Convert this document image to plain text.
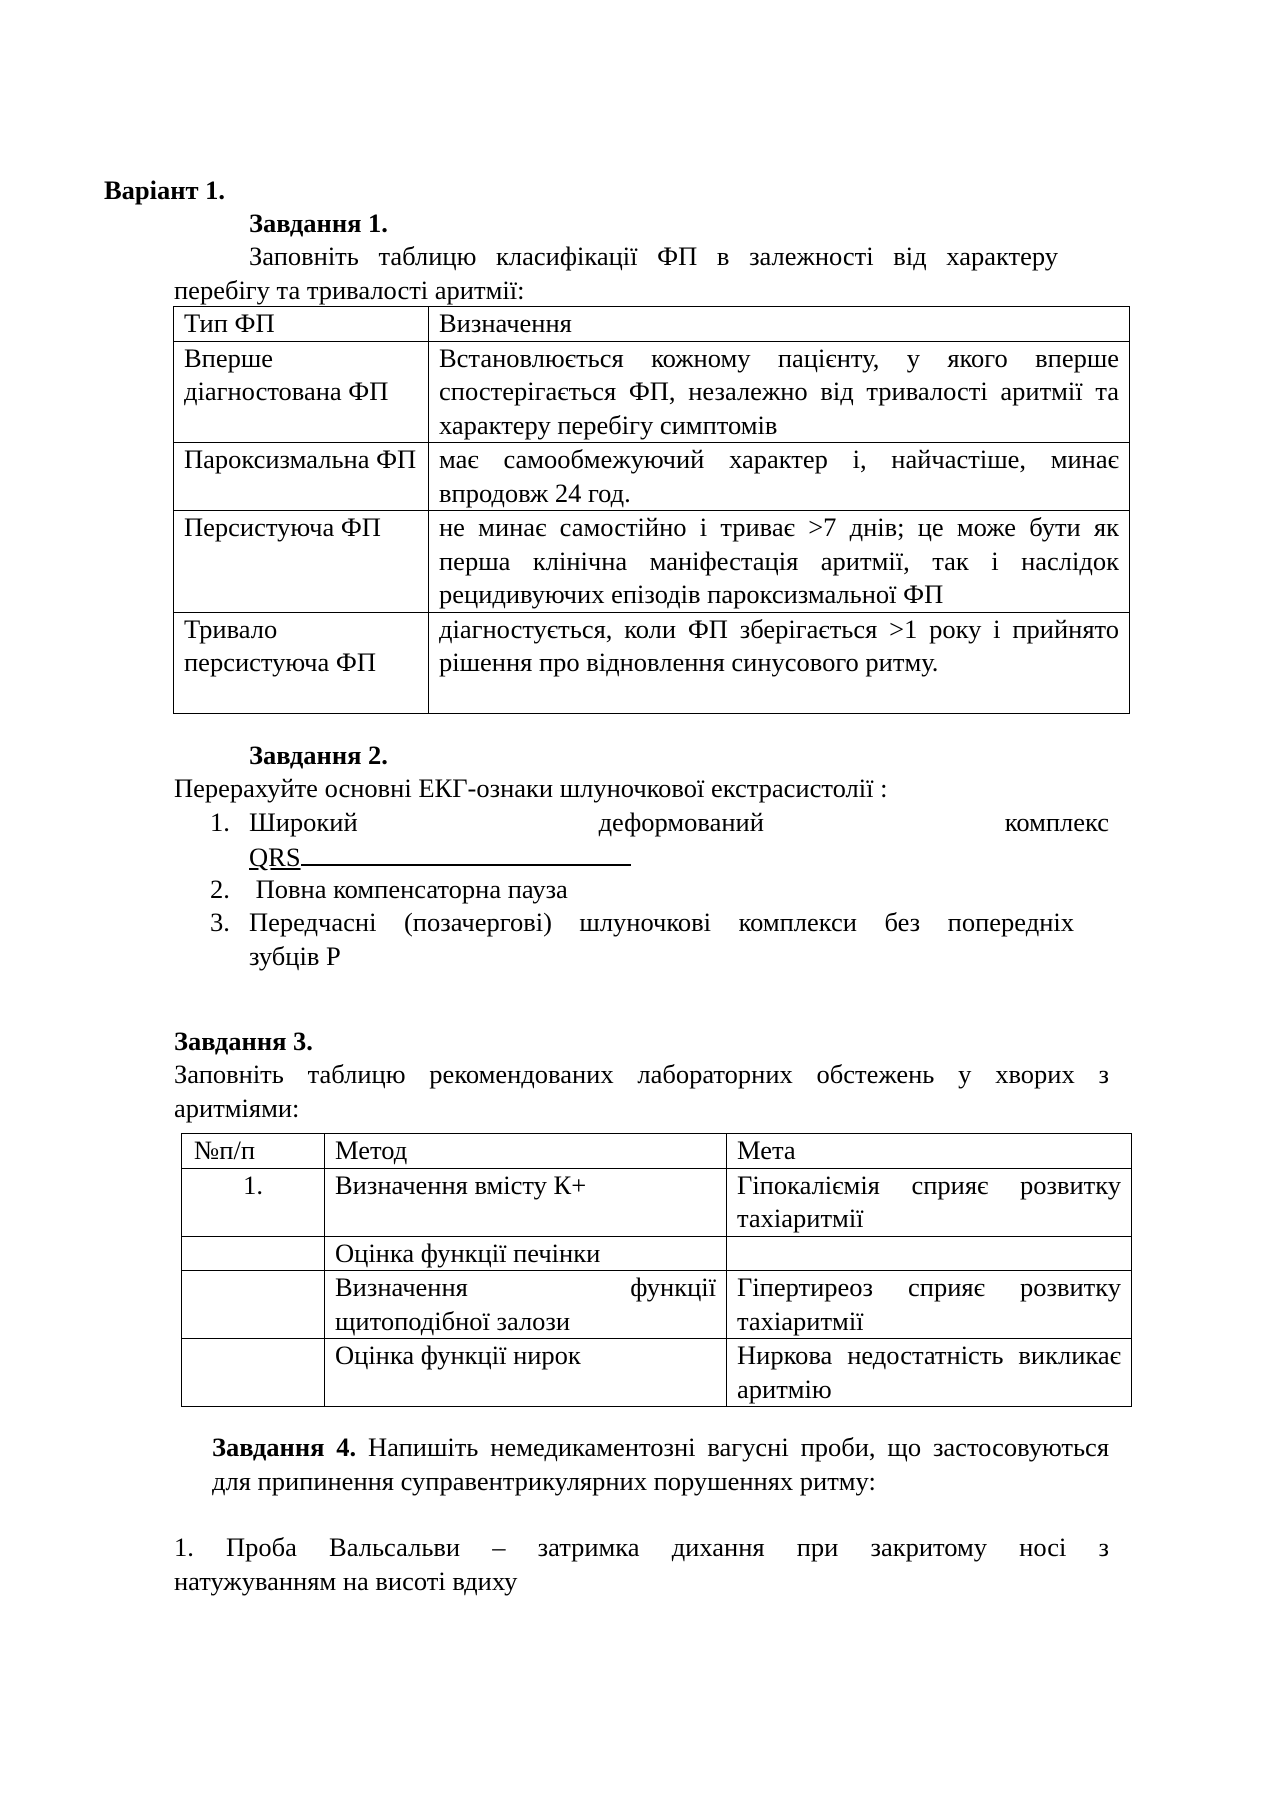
Варіант 1.
Завдання 1.
Заповніть таблицю класифікації ФП в залежності від характеру
перебігу та тривалості аритмії:
Тип ФП	Визначення
Вперше діагностована ФП	Встановлюється кожному пацієнту, у якого вперше спостерігається ФП, незалежно від тривалості аритмії та характеру перебігу симптомів
Пароксизмальна ФП	має самообмежуючий характер і, найчастіше, минає впродовж 24 год.
Персистуюча ФП	не минає самостійно і триває >7 днів; це може бути як перша клінічна маніфестація аритмії, так і наслідок рецидивуючих епізодів пароксизмальної ФП
Тривало персистуюча ФП	діагностується, коли ФП зберігається >1 року і прийнято рішення про відновлення синусового ритму.
Завдання 2.
Перерахуйте основні ЕКГ-ознаки шлуночкової екстрасистолії :
1. Широкий	деформований	комплекс
QRS
2. Повна компенсаторна пауза
3. Передчасні (позачергові) шлуночкові комплекси без попередніх
зубців Р
Завдання 3.
Заповніть таблицю рекомендованих лабораторних обстежень у хворих з
аритміями:
№п/п	Метод	Мета
1.	Визначення вмісту К+	Гіпокаліємія сприяє розвитку тахіаритмії
	Оцінка функції печінки	
	Визначення функції щитоподібної залози	Гіпертиреоз сприяє розвитку тахіаритмії
	Оцінка функції нирок	Ниркова недостатність викликає аритмію
Завдання 4. Напишіть немедикаментозні вагусні проби, що застосовуються для припинення суправентрикулярних порушеннях ритму:
1. Проба Вальсальви – затримка дихання при закритому носі з
натужуванням на висоті вдиху
